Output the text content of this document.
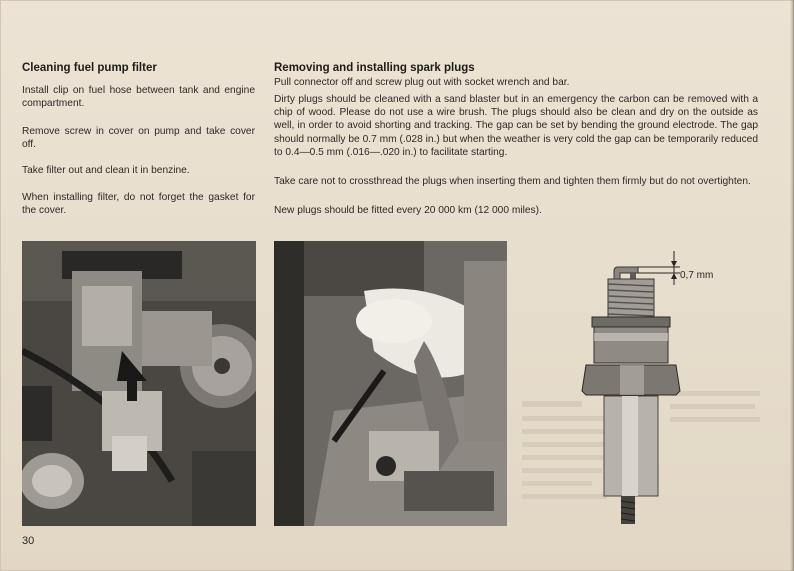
Cleaning fuel pump filter

Install clip on fuel hose between tank and engine compartment.

Remove screw in cover on pump and take cover off.

Take filter out and clean it in benzine.

When installing filter, do not forget the gasket for the cover.

Removing and installing spark plugs

Pull connector off and screw plug out with socket wrench and bar.

Dirty plugs should be cleaned with a sand blaster but in an emergency the carbon can be removed with a chip of wood. Please do not use a wire brush. The plugs should also be clean and dry on the outside as well, in order to avoid shorting and tracking. The gap can be set by bending the ground electrode. The gap should normally be 0.7 mm (.028 in.) but when the weather is very cold the gap can be temporarily reduced to 0.4—0.5 mm (.016—.020 in.) to facilitate starting.

Take care not to crossthread the plugs when inserting them and tighten them firmly but do not overtighten.

New plugs should be fitted every 20 000 km (12 000 miles).

0,7 mm
30
